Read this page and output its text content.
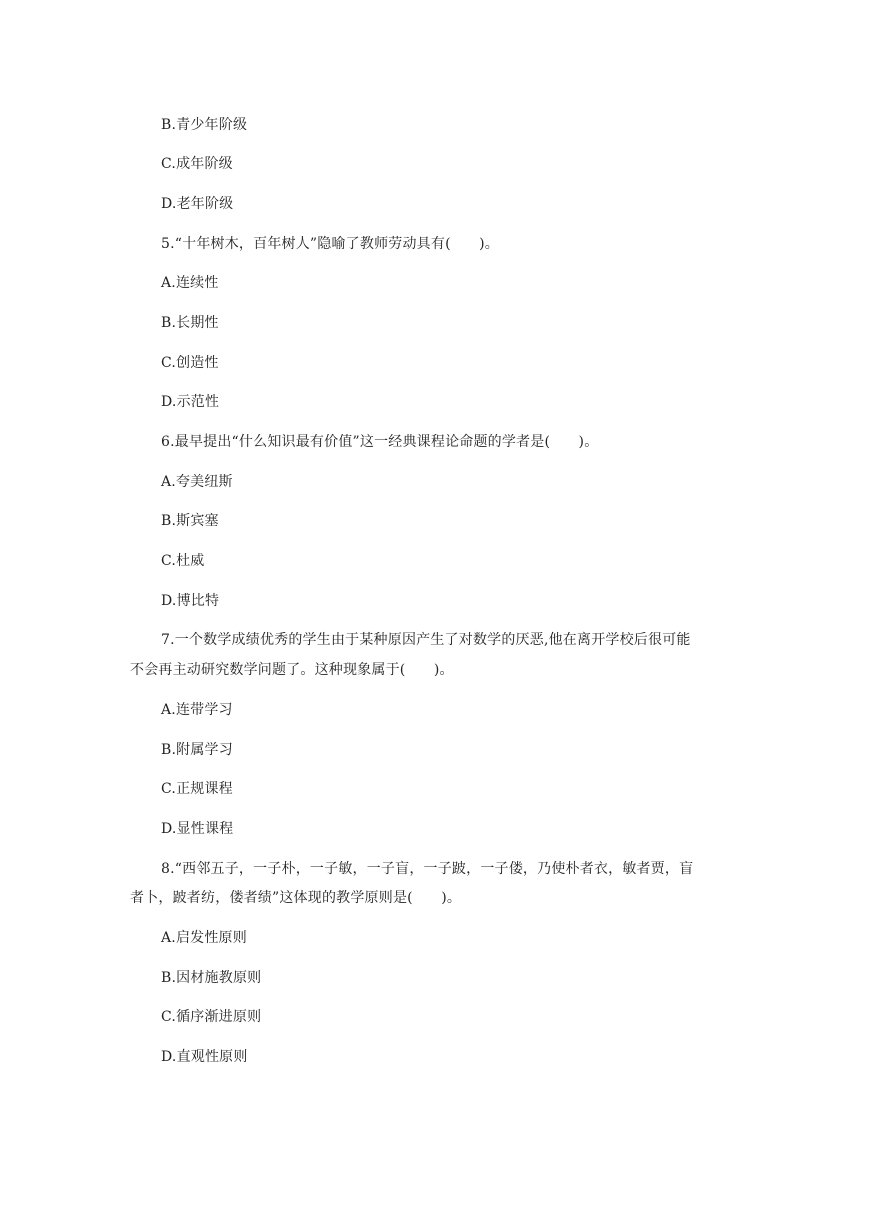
B.青少年阶级
C.成年阶级
D.老年阶级
5.“十年树木，百年树人”隐喻了教师劳动具有(　　)。
A.连续性
B.长期性
C.创造性
D.示范性
6.最早提出“什么知识最有价值”这一经典课程论命题的学者是(　　)。
A.夸美纽斯
B.斯宾塞
C.杜威
D.博比特
7.一个数学成绩优秀的学生由于某种原因产生了对数学的厌恶,他在离开学校后很可能
不会再主动研究数学问题了。这种现象属于(　　)。
A.连带学习
B.附属学习
C.正规课程
D.显性课程
8.“西邻五子，一子朴，一子敏，一子盲，一子跛，一子偻，乃使朴者衣，敏者贾，盲
者卜，跛者纺，偻者绩”这体现的教学原则是(　　)。
A.启发性原则
B.因材施教原则
C.循序渐进原则
D.直观性原则
